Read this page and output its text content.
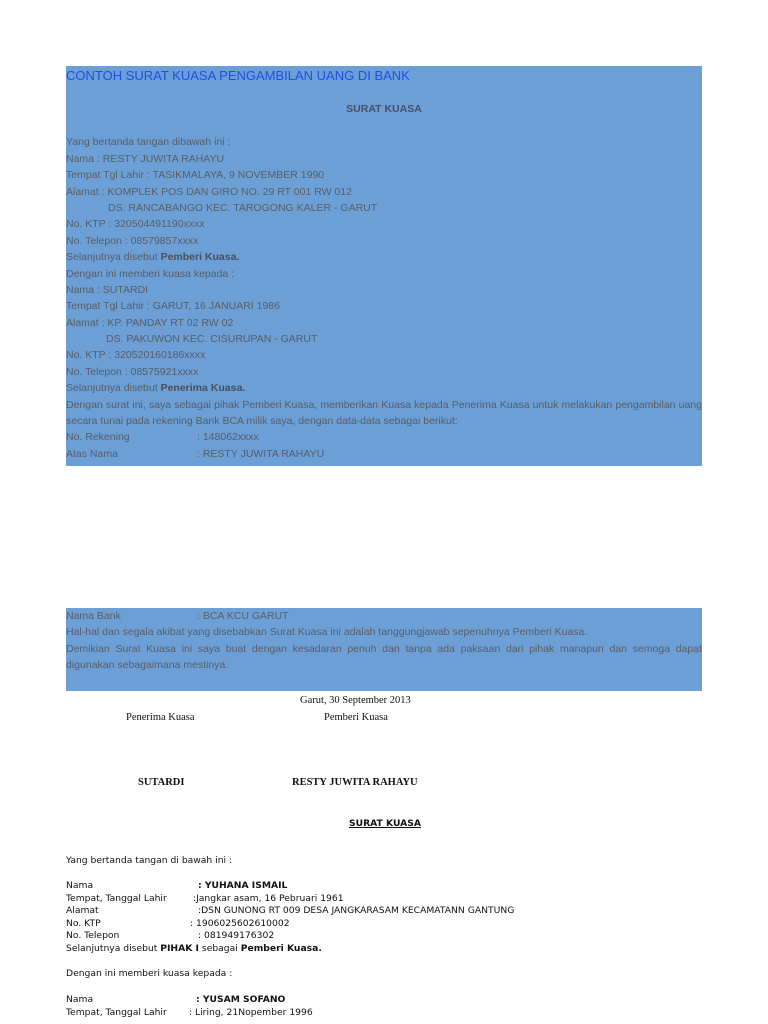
CONTOH SURAT KUASA PENGAMBILAN UANG DI BANK
SURAT KUASA
Yang bertanda tangan dibawah ini :
Nama : RESTY JUWITA RAHAYU
Tempat Tgl Lahir : TASIKMALAYA, 9 NOVEMBER 1990
Alamat : KOMPLEK POS DAN GIRO NO. 29 RT 001 RW 012
DS. RANCABANGO KEC. TAROGONG KALER - GARUT
No. KTP : 320504491190xxxx
No. Telepon : 08579857xxxx
Selanjutnya disebut Pemberi Kuasa.
Dengan ini memberi kuasa kepada :
Nama : SUTARDI
Tempat Tgl Lahir : GARUT, 16 JANUARI 1986
Alamat : KP. PANDAY RT 02 RW 02
DS. PAKUWON KEC. CISURUPAN - GARUT
No. KTP : 320520160186xxxx
No. Telepon : 08575921xxxx
Selanjutnya disebut Penerima Kuasa.
Dengan surat ini, saya sebagai pihak Pemberi Kuasa, memberikan Kuasa kepada Penerima Kuasa untuk melakukan pengambilan uang secara tunai pada rekening Bank BCA milik saya, dengan data-data sebagai berikut:
No. Rekening	: 148062xxxx
Atas Nama	: RESTY JUWITA RAHAYU
Nama Bank	: BCA KCU GARUT
Hal-hal dan segala akibat yang disebabkan Surat Kuasa ini adalah tanggungjawab sepenuhnya Pemberi Kuasa.
Demikian Surat Kuasa ini saya buat dengan kesadaran penuh dan tanpa ada paksaan dari pihak manapun dan semoga dapat digunakan sebagaimana mestinya.
Garut, 30 September 2013
Penerima Kuasa	Pemberi Kuasa
SUTARDI	RESTY JUWITA RAHAYU
SURAT KUASA
Yang bertanda tangan di bawah ini :
Nama	: YUHANA ISMAIL
Tempat, Tanggal Lahir	:Jangkar asam, 16 Pebruari 1961
Alamat	:DSN GUNONG RT 009 DESA JANGKARASAM KECAMATANN GANTUNG
No. KTP	: 1906025602610002
No. Telepon	: 081949176302
Selanjutnya disebut PIHAK I sebagai Pemberi Kuasa.
Dengan ini memberi kuasa kepada :
Nama	: YUSAM SOFANO
Tempat, Tanggal Lahir : Liring, 21Nopember 1996
